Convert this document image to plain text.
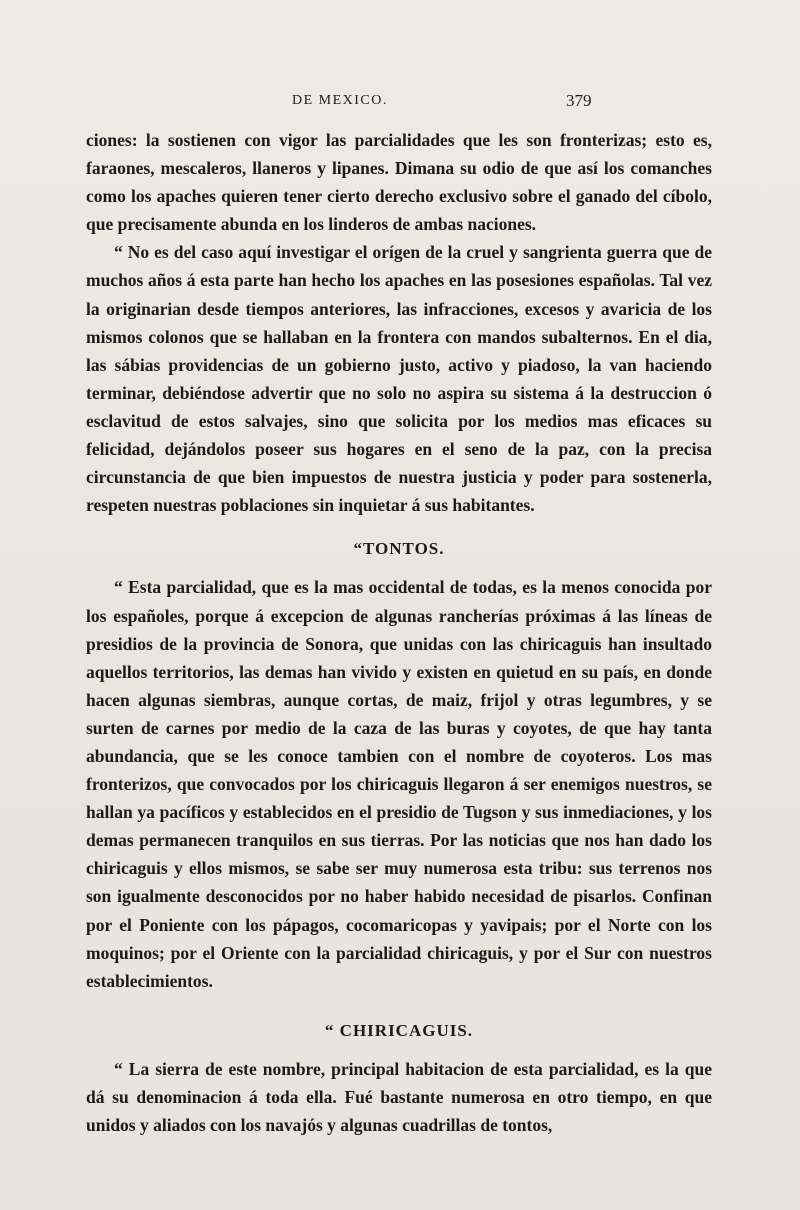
DE MEXICO.	379

ciones: la sostienen con vigor las parcialidades que les son fronterizas; esto es, faraones, mescaleros, llaneros y lipanes. Dimana su odio de que así los comanches como los apaches quieren tener cierto derecho exclusivo sobre el ganado del cíbolo, que precisamente abunda en los linderos de ambas naciones.

“ No es del caso aquí investigar el orígen de la cruel y sangrienta guerra que de muchos años á esta parte han hecho los apaches en las posesiones españolas. Tal vez la originarian desde tiempos anteriores, las infracciones, excesos y avaricia de los mismos colonos que se hallaban en la frontera con mandos subalternos. En el dia, las sábias providencias de un gobierno justo, activo y piadoso, la van haciendo terminar, debiéndose advertir que no solo no aspira su sistema á la destruccion ó esclavitud de estos salvajes, sino que solicita por los medios mas eficaces su felicidad, dejándolos poseer sus hogares en el seno de la paz, con la precisa circunstancia de que bien impuestos de nuestra justicia y poder para sostenerla, respeten nuestras poblaciones sin inquietar á sus habitantes.

“TONTOS.

“ Esta parcialidad, que es la mas occidental de todas, es la menos conocida por los españoles, porque á excepcion de algunas rancherías próximas á las líneas de presidios de la provincia de Sonora, que unidas con las chiricaguis han insultado aquellos territorios, las demas han vivido y existen en quietud en su país, en donde hacen algunas siembras, aunque cortas, de maiz, frijol y otras legumbres, y se surten de carnes por medio de la caza de las buras y coyotes, de que hay tanta abundancia, que se les conoce tambien con el nombre de coyoteros. Los mas fronterizos, que convocados por los chiricaguis llegaron á ser enemigos nuestros, se hallan ya pacíficos y establecidos en el presidio de Tugson y sus inmediaciones, y los demas permanecen tranquilos en sus tierras. Por las noticias que nos han dado los chiricaguis y ellos mismos, se sabe ser muy numerosa esta tribu: sus terrenos nos son igualmente desconocidos por no haber habido necesidad de pisarlos. Confinan por el Poniente con los pápagos, cocomaricopas y yavipais; por el Norte con los moquinos; por el Oriente con la parcialidad chiricaguis, y por el Sur con nuestros establecimientos.

“ CHIRICAGUIS.

“ La sierra de este nombre, principal habitacion de esta parcialidad, es la que dá su denominacion á toda ella. Fué bastante numerosa en otro tiempo, en que unidos y aliados con los navajós y algunas cuadrillas de tontos,
